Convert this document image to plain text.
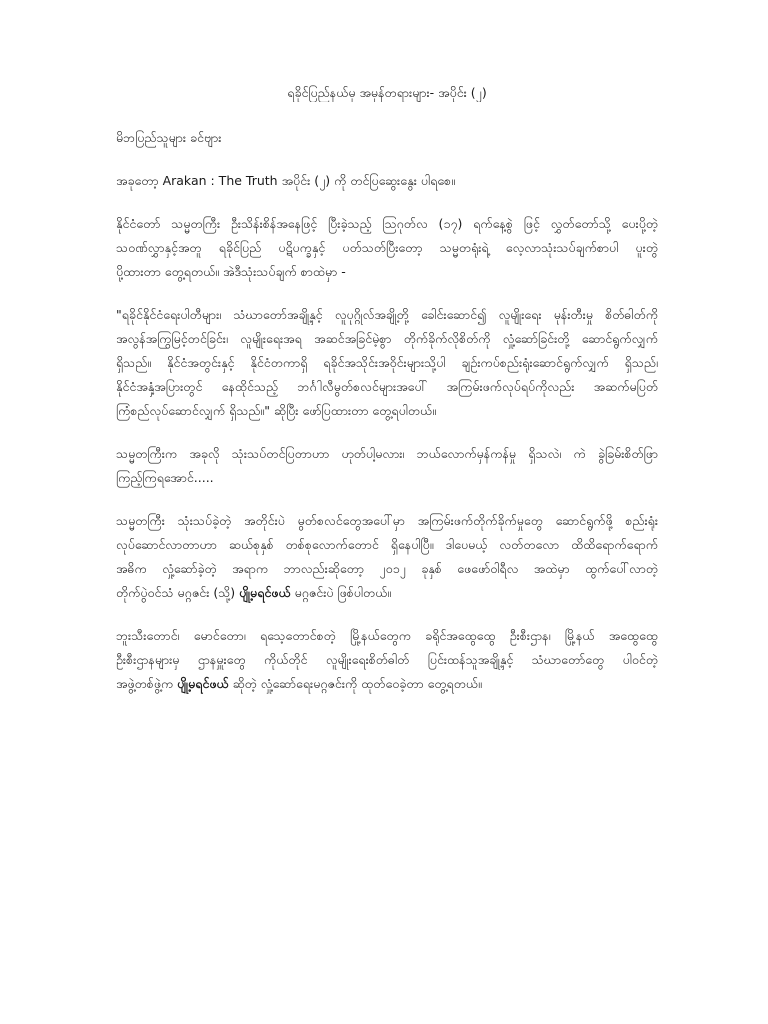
ရခိုင်ပြည်နယ်မှ အမှန်တရားများ- အပိုင်း (၂)
မိဘပြည်သူများ ခင်ဗျား
အခုတော့ Arakan : The Truth အပိုင်း (၂) ကို တင်ပြဆွေးနွေး ပါရစေ။
နိုင်ငံတော် သမ္မတကြီး ဦးသိန်းစိန်အနေဖြင့် ပြီးခဲ့သည့် ဩဂုတ်လ (၁၇) ရက်နေ့စွဲ ဖြင့် လွှတ်တော်သို့ ပေးပို့တဲ့
သဝဏ်လွှာနှင့်အတူ ရခိုင်ပြည် ပဋိပက္ခနှင့် ပတ်သတ်ပြီးတော့ သမ္မတရုံးရဲ့ လေ့လာသုံးသပ်ချက်စာပါ ပူးတွဲ
ပို့ထားတာ တွေ့ရတယ်။ အဲဒီသုံးသပ်ချက် စာထဲမှာ -
"ရခိုင်နိုင်ငံရေးပါတီများ၊ သံဃာတော်အချို့နှင့် လူပုဂ္ဂိုလ်အချို့တို့ ခေါင်းဆောင်၍ လူမျိုးရေး မုန်းတီးမှု စိတ်ဓါတ်ကို
အလွန်အကြွမြင့်တင်ခြင်း၊ လူမျိုးရေးအရ အဆင်အခြင်မဲ့စွာ တိုက်ခိုက်လိုစိတ်ကို လှုံ့ဆော်ခြင်းတို့ ဆောင်ရွက်လျှက်
ရှိသည်။ နိုင်ငံအတွင်းနှင့် နိုင်ငံတကာရှိ ရခိုင်အသိုင်းအဝိုင်းများသို့ပါ ချဉ်းကပ်စည်းရုံးဆောင်ရွက်လျှက် ရှိသည်၊
နိုင်ငံအနှံ့အပြားတွင် နေထိုင်သည့် ဘင်္ဂါလီမွတ်စလင်များအပေါ် အကြမ်းဖက်လုပ်ရပ်ကိုလည်း အဆက်မပြတ်
ကြံစည်လုပ်ဆောင်လျှက် ရှိသည်။" ဆိုပြီး ဖော်ပြထားတာ တွေ့ရပါတယ်။
သမ္မတကြီးက အခုလို သုံးသပ်တင်ပြတာဟာ ဟုတ်ပါ့မလား၊ ဘယ်လောက်မှန်ကန်မှု ရှိသလဲ၊ ကဲ ခွဲခြမ်းစိတ်ဖြာ
ကြည့်ကြရအောင်.....
သမ္မတကြီး သုံးသပ်ခဲ့တဲ့ အတိုင်းပဲ မွတ်စလင်တွေအပေါ်မှာ အကြမ်းဖက်တိုက်ခိုက်မှုတွေ ဆောင်ရွက်ဖို့ စည်းရုံး
လုပ်ဆောင်လာတာဟာ ဆယ်စုနှစ် တစ်စုလောက်တောင် ရှိနေပါပြီ။ ဒါပေမယ့် လတ်တလော ထိထိရောက်ရောက်
အဓိက လှုံ့ဆော်ခဲ့တဲ့ အရာက ဘာလည်းဆိုတော့ ၂၀၁၂ ခုနှစ် ဖေဖော်ဝါရီလ အထဲမှာ ထွက်ပေါ်လာတဲ့
တိုက်ပွဲဝင်သံ မဂ္ဂဇင်း (သို့) ပျို့မရင်ဖယ် မဂ္ဂဇင်းပဲ ဖြစ်ပါတယ်။
ဘူးသီးတောင်၊ မောင်တော၊ ရသေ့တောင်စတဲ့ မြို့နယ်တွေက ခရိုင်အထွေထွေ ဦးစီးဌာန၊ မြို့နယ် အထွေထွေ
ဦးစီးဌာနများမှ ဌာနမှူးတွေ ကိုယ်တိုင် လူမျိုးရေးစိတ်ဓါတ် ပြင်းထန်သူအချို့နှင့် သံဃာတော်တွေ ပါဝင်တဲ့
အဖွဲ့တစ်ဖွဲ့က ပျို့မရင်ဖယ် ဆိုတဲ့ လှုံ့ဆော်ရေးမဂ္ဂဇင်းကို ထုတ်ဝေခဲ့တာ တွေ့ရတယ်။
